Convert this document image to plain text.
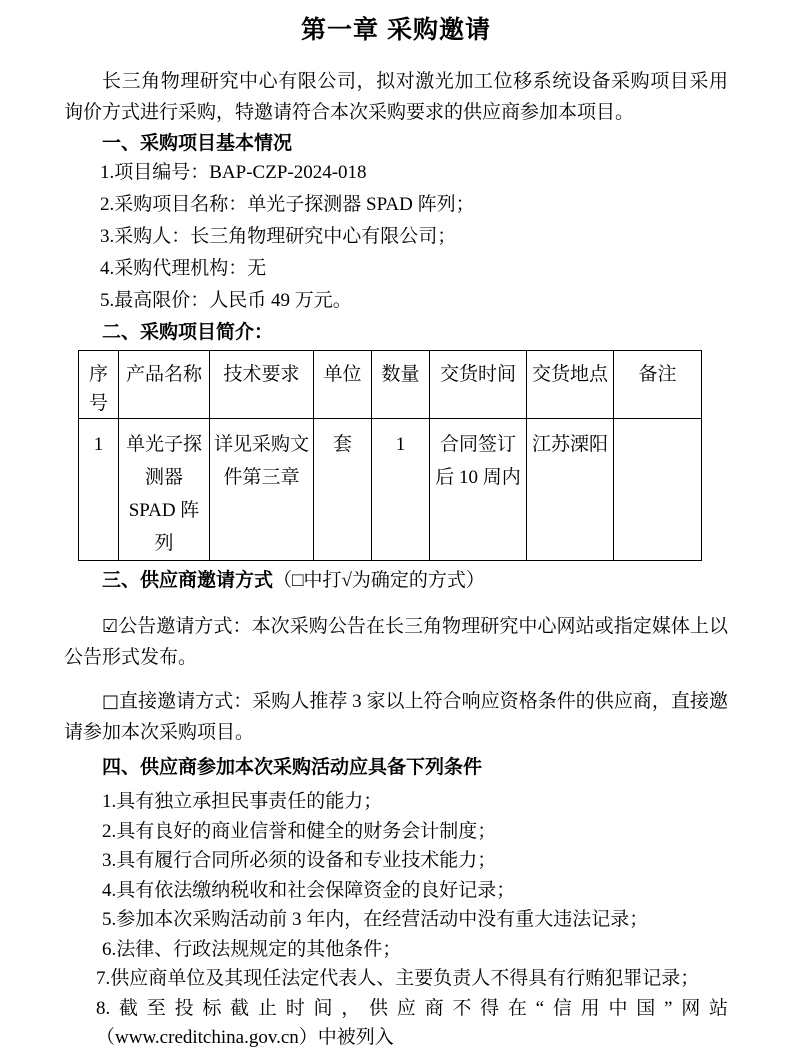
第一章 采购邀请

长三角物理研究中心有限公司，拟对激光加工位移系统设备采购项目采用询价方式进行采购，特邀请符合本次采购要求的供应商参加本项目。

一、采购项目基本情况

1.项目编号：BAP-CZP-2024-018

2.采购项目名称：单光子探测器 SPAD 阵列；

3.采购人：长三角物理研究中心有限公司；

4.采购代理机构：无

5.最高限价：人民币 49 万元。

二、采购项目简介：
序号	产品名称	技术要求	单位	数量	交货时间	交货地点	备注
1	单光子探 测器 SPAD 阵列	详见采购文 件第三章	套	1	合同签订后 10 周内	江苏溧阳	
三、供应商邀请方式（□中打√为确定的方式）

☑公告邀请方式：本次采购公告在长三角物理研究中心网站或指定媒体上以公告形式发布。

□直接邀请方式：采购人推荐 3 家以上符合响应资格条件的供应商，直接邀请参加本次采购项目。

四、供应商参加本次采购活动应具备下列条件

1.具有独立承担民事责任的能力；

2.具有良好的商业信誉和健全的财务会计制度；

3.具有履行合同所必须的设备和专业技术能力；

4.具有依法缴纳税收和社会保障资金的良好记录；

5.参加本次采购活动前 3 年内，在经营活动中没有重大违法记录；

6.法律、行政法规规定的其他条件；

7.供应商单位及其现任法定代表人、主要负责人不得具有行贿犯罪记录；

8.截至投标截止时间，供应商不得在“信用中国”网站（www.creditchina.gov.cn）中被列入
